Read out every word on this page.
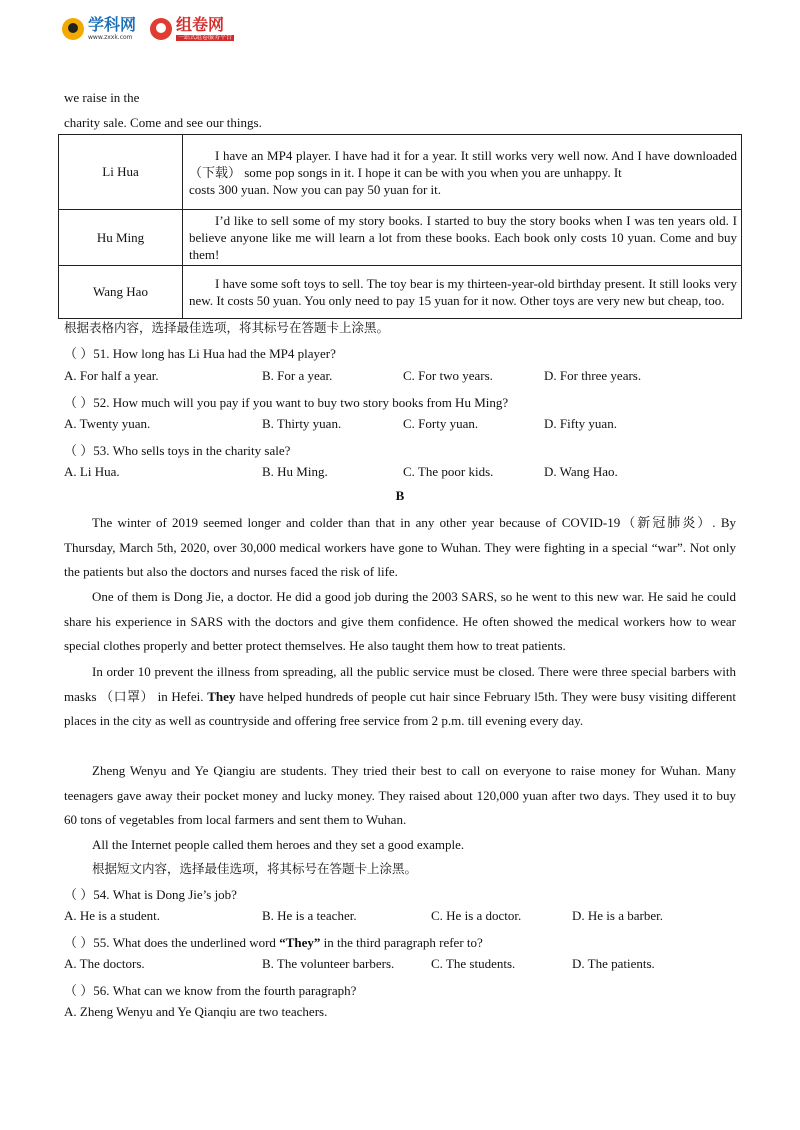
学科网
www.zxxk.com
组卷网
一站式组卷服务平台
we raise in the
charity sale. Come and see our things.
Li Hua	I have an MP4 player. I have had it for a year. It still works very well now. And I have downloaded （下载） some pop songs in it. I hope it can be with you when you are unhappy. It
costs 300 yuan. Now you can pay 50 yuan for it.
Hu Ming	I’d like to sell some of my story books. I started to buy the story books when I was ten years old. I believe anyone like me will learn a lot from these books. Each book only costs 10 yuan. Come and buy them!
Wang Hao	I have some soft toys to sell. The toy bear is my thirteen-year-old birthday present. It still looks very new. It costs 50 yuan. You only need to pay 15 yuan for it now. Other toys are very new but cheap, too.
根据表格内容，选择最佳选项，将其标号在答题卡上涂黑。
（ ）51. How long has Li Hua had the MP4 player?
A. For half a year.	B. For a year.	C. For two years.	D. For three years.
（ ）52. How much will you pay if you want to buy two story books from Hu Ming?
A. Twenty yuan.	B. Thirty yuan.	C. Forty yuan.	D. Fifty yuan.
（ ）53. Who sells toys in the charity sale?
A. Li Hua.	B. Hu Ming.	C. The poor kids.	D. Wang Hao.
B
The winter of 2019 seemed longer and colder than that in any other year because of COVID-19（新冠肺炎）. By Thursday, March 5th, 2020, over 30,000 medical workers have gone to Wuhan. They were fighting in a special “war”. Not only the patients but also the doctors and nurses faced the risk of life.
One of them is Dong Jie, a doctor. He did a good job during the 2003 SARS, so he went to this new war. He said he could share his experience in SARS with the doctors and give them confidence. He often showed the medical workers how to wear special clothes properly and better protect themselves. He also taught them how to treat patients.
In order 10 prevent the illness from spreading, all the public service must be closed. There were three special barbers with masks （口罩） in Hefei. They have helped hundreds of people cut hair since February l5th. They were busy visiting different places in the city as well as countryside and offering free service from 2 p.m. till evening every day.
Zheng Wenyu and Ye Qiangiu are students. They tried their best to call on everyone to raise money for Wuhan. Many teenagers gave away their pocket money and lucky money. They raised about 120,000 yuan after two days. They used it to buy 60 tons of vegetables from local farmers and sent them to Wuhan.
All the Internet people called them heroes and they set a good example.
根据短文内容，选择最佳选项，将其标号在答题卡上涂黑。
（ ）54. What is Dong Jie’s job?
A. He is a student.	B. He is a teacher.	C. He is a doctor.	D. He is a barber.
（ ）55. What does the underlined word “They” in the third paragraph refer to?
A. The doctors.	B. The volunteer barbers.	C. The students.	D. The patients.
（ ）56. What can we know from the fourth paragraph?
A. Zheng Wenyu and Ye Qianqiu are two teachers.
